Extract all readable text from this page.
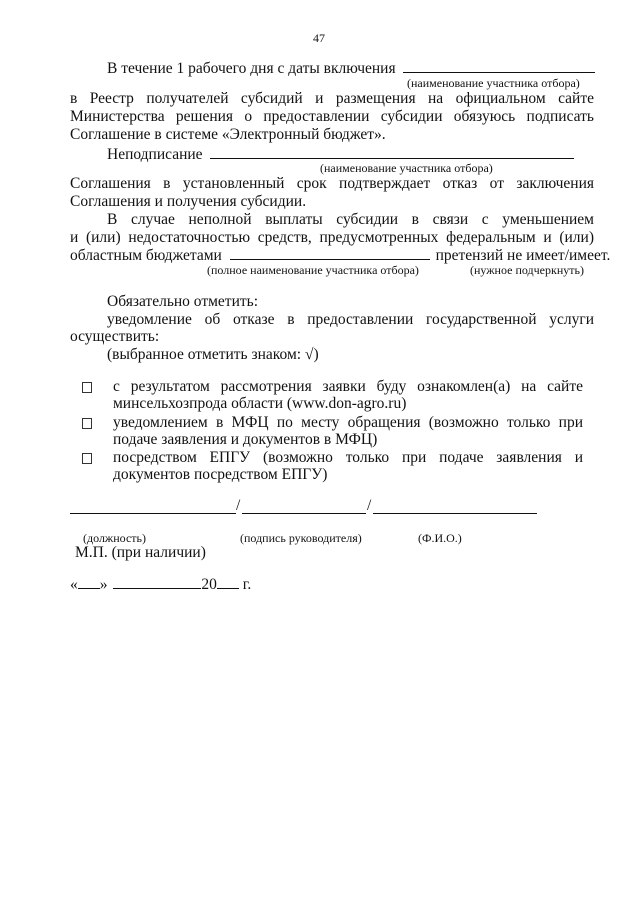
47
В течение 1 рабочего дня с даты включения
(наименование участника отбора)
в Реестр получателей субсидий и размещения на официальном сайте
Министерства решения о предоставлении субсидии обязуюсь подписать
Соглашение в системе «Электронный бюджет».
Неподписание
(наименование участника отбора)
Соглашения в установленный срок подтверждает отказ от заключения
Соглашения и получения субсидии.
В случае неполной выплаты субсидии в связи с уменьшением
и (или) недостаточностью средств, предусмотренных федеральным и (или)
областным бюджетами	претензий не имеет/имеет.
(полное наименование участника отбора)	(нужное подчеркнуть)
Обязательно отметить:
уведомление об отказе в предоставлении государственной услуги
осуществить:
(выбранное отметить знаком: √)
с результатом рассмотрения заявки буду ознакомлен(а) на сайте
минсельхозпрода области (www.don-agro.ru)
уведомлением в МФЦ по месту обращения (возможно только при
подаче заявления и документов в МФЦ)
посредством ЕПГУ (возможно только при подаче заявления и
документов посредством ЕПГУ)
/	/
(должность)	(подпись руководителя)	(Ф.И.О.)
М.П. (при наличии)
« »	20 г.
